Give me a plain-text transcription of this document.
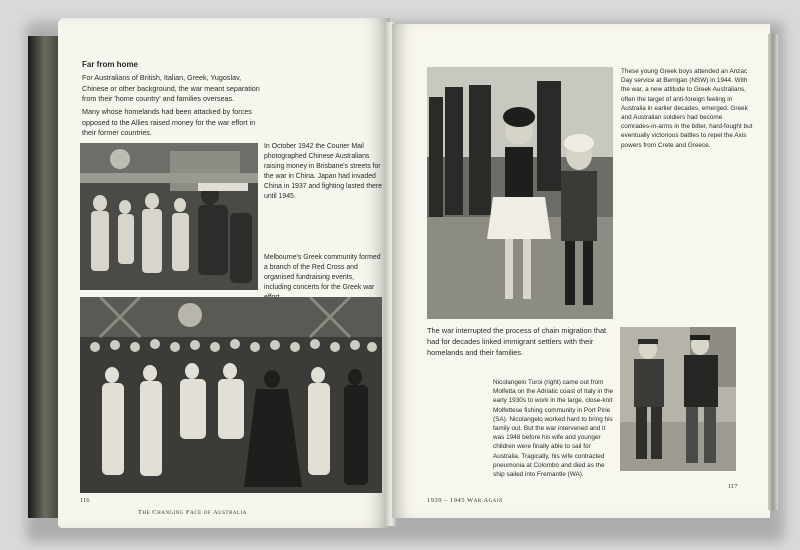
Far from home
For Australians of British, Italian, Greek, Yugoslav, Chinese or other background, the war meant separation from their 'home country' and families overseas.
Many whose homelands had been attacked by forces opposed to the Allies raised money for the war effort in their former countries.
In October 1942 the Courier Mail photographed Chinese Australians raising money in Brisbane's streets for the war in China. Japan had invaded China in 1937 and fighting lasted there until 1945.
Melbourne's Greek community formed a branch of the Red Cross and organised fundraising events, including concerts for the Greek war
116
The Changing Face of Australia
These young Greek boys attended an Anzac Day service at Berrigan (NSW) in 1944. With the war, a new attitude to Greek Australians, often the target of anti-foreign feeling in Australia in earlier decades, emerged. Greek and Australian soldiers had become comrades-in-arms in the bitter, hard-fought but eventually victorious battles to repel the Axis powers from Crete and Greece.
The war interrupted the process of chain migration that had for decades linked immigrant settlers with their homelands and their families.
Nicolangelo Turoi (right) came out from Molfetta on the Adriatic coast of Italy in the early 1930s to work in the large, close-knit Molfettese fishing community in Port Pirie (SA). Nicolangelo worked hard to bring his family out. But the war intervened and it was 1948 before his wife and younger children were finally able to sail for Australia. Tragically, his wife contracted pneumonia at Colombo and died as the ship sailed into Fremantle (WA).
1939 – 1945 War Again
117
